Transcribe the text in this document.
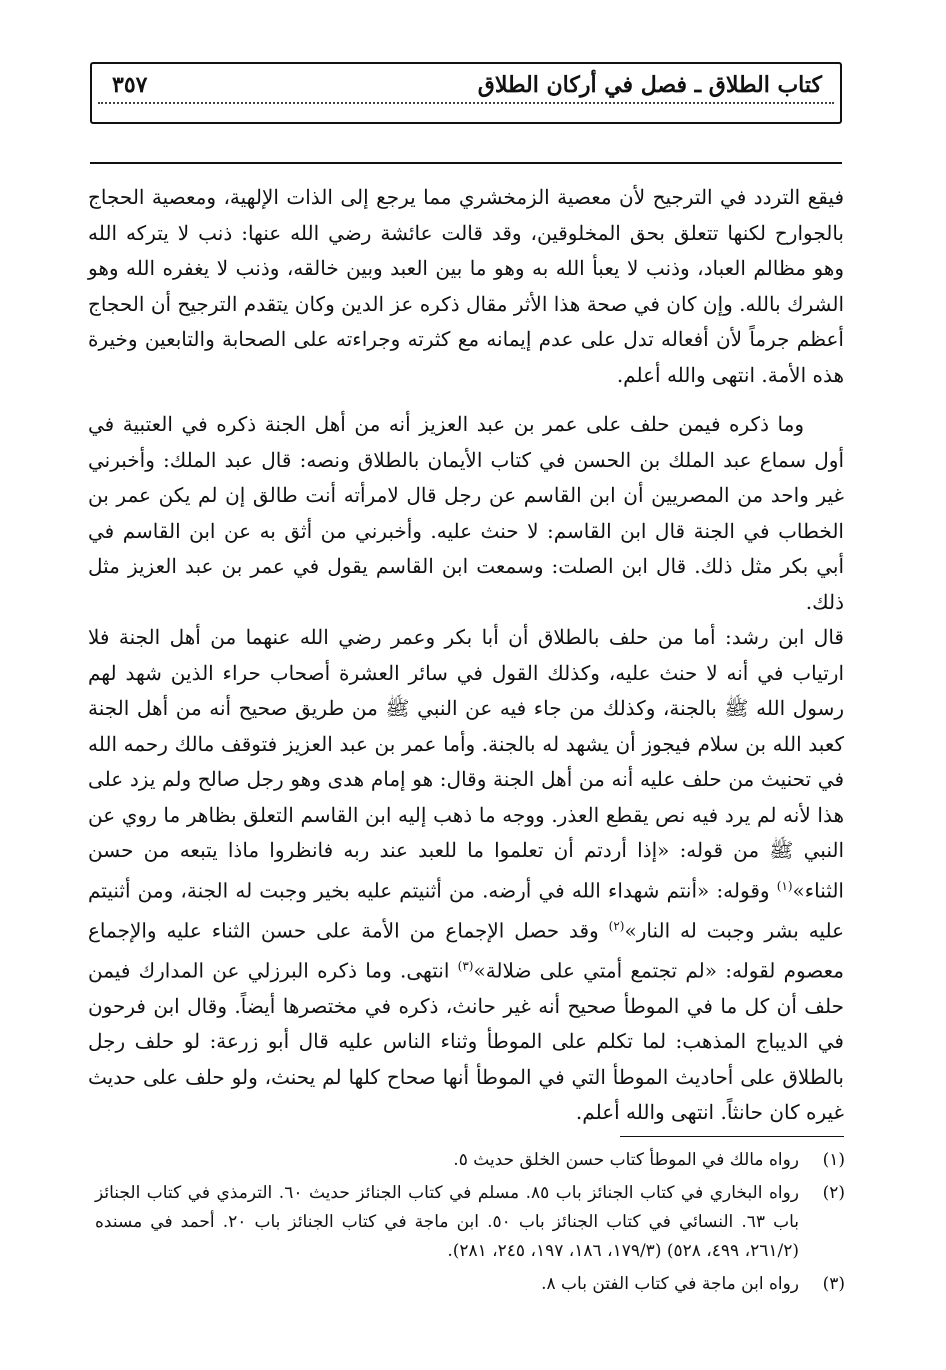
كتاب الطلاق ـ فصل في أركان الطلاق
٣٥٧

فيقع التردد في الترجيح لأن معصية الزمخشري مما يرجع إلى الذات الإلهية، ومعصية الحجاج بالجوارح لكنها تتعلق بحق المخلوقين، وقد قالت عائشة رضي الله عنها: ذنب لا يتركه الله وهو مظالم العباد، وذنب لا يعبأ الله به وهو ما بين العبد وبين خالقه، وذنب لا يغفره الله وهو الشرك بالله. وإن كان في صحة هذا الأثر مقال ذكره عز الدين وكان يتقدم الترجيح أن الحجاج أعظم جرماً لأن أفعاله تدل على عدم إيمانه مع كثرته وجراءته على الصحابة والتابعين وخيرة هذه الأمة. انتهى والله أعلم.

وما ذكره فيمن حلف على عمر بن عبد العزيز أنه من أهل الجنة ذكره في العتبية في أول سماع عبد الملك بن الحسن في كتاب الأيمان بالطلاق ونصه: قال عبد الملك: وأخبرني غير واحد من المصريين أن ابن القاسم عن رجل قال لامرأته أنت طالق إن لم يكن عمر بن الخطاب في الجنة قال ابن القاسم: لا حنث عليه. وأخبرني من أثق به عن ابن القاسم في أبي بكر مثل ذلك. قال ابن الصلت: وسمعت ابن القاسم يقول في عمر بن عبد العزيز مثل ذلك.

قال ابن رشد: أما من حلف بالطلاق أن أبا بكر وعمر رضي الله عنهما من أهل الجنة فلا ارتياب في أنه لا حنث عليه، وكذلك القول في سائر العشرة أصحاب حراء الذين شهد لهم رسول الله ﷺ بالجنة، وكذلك من جاء فيه عن النبي ﷺ من طريق صحيح أنه من أهل الجنة كعبد الله بن سلام فيجوز أن يشهد له بالجنة. وأما عمر بن عبد العزيز فتوقف مالك رحمه الله في تحنيث من حلف عليه أنه من أهل الجنة وقال: هو إمام هدى وهو رجل صالح ولم يزد على هذا لأنه لم يرد فيه نص يقطع العذر. ووجه ما ذهب إليه ابن القاسم التعلق بظاهر ما روي عن النبي ﷺ من قوله: «إذا أردتم أن تعلموا ما للعبد عند ربه فانظروا ماذا يتبعه من حسن الثناء»$^{(١)}$ وقوله: «أنتم شهداء الله في أرضه. من أثنيتم عليه بخير وجبت له الجنة، ومن أثنيتم عليه بشر وجبت له النار»$^{(٢)}$ وقد حصل الإجماع من الأمة على حسن الثناء عليه والإجماع معصوم لقوله: «لم تجتمع أمتي على ضلالة»$^{(٣)}$ انتهى. وما ذكره البرزلي عن المدارك فيمن حلف أن كل ما في الموطأ صحيح أنه غير حانث، ذكره في مختصرها أيضاً. وقال ابن فرحون في الديباج المذهب: لما تكلم على الموطأ وثناء الناس عليه قال أبو زرعة: لو حلف رجل بالطلاق على أحاديث الموطأ التي في الموطأ أنها صحاح كلها لم يحنث، ولو حلف على حديث غيره كان حانثاً. انتهى والله أعلم.

(١)
رواه مالك في الموطأ كتاب حسن الخلق حديث ٥.
(٢)
رواه البخاري في كتاب الجنائز باب ٨٥. مسلم في كتاب الجنائز حديث ٦٠. الترمذي في كتاب الجنائز باب ٦٣. النسائي في كتاب الجنائز باب ٥٠. ابن ماجة في كتاب الجنائز باب ٢٠. أحمد في مسنده (٢٦١/٢، ٤٩٩، ٥٢٨) (١٧٩/٣، ١٨٦، ١٩٧، ٢٤٥، ٢٨١).
(٣)
رواه ابن ماجة في كتاب الفتن باب ٨.
